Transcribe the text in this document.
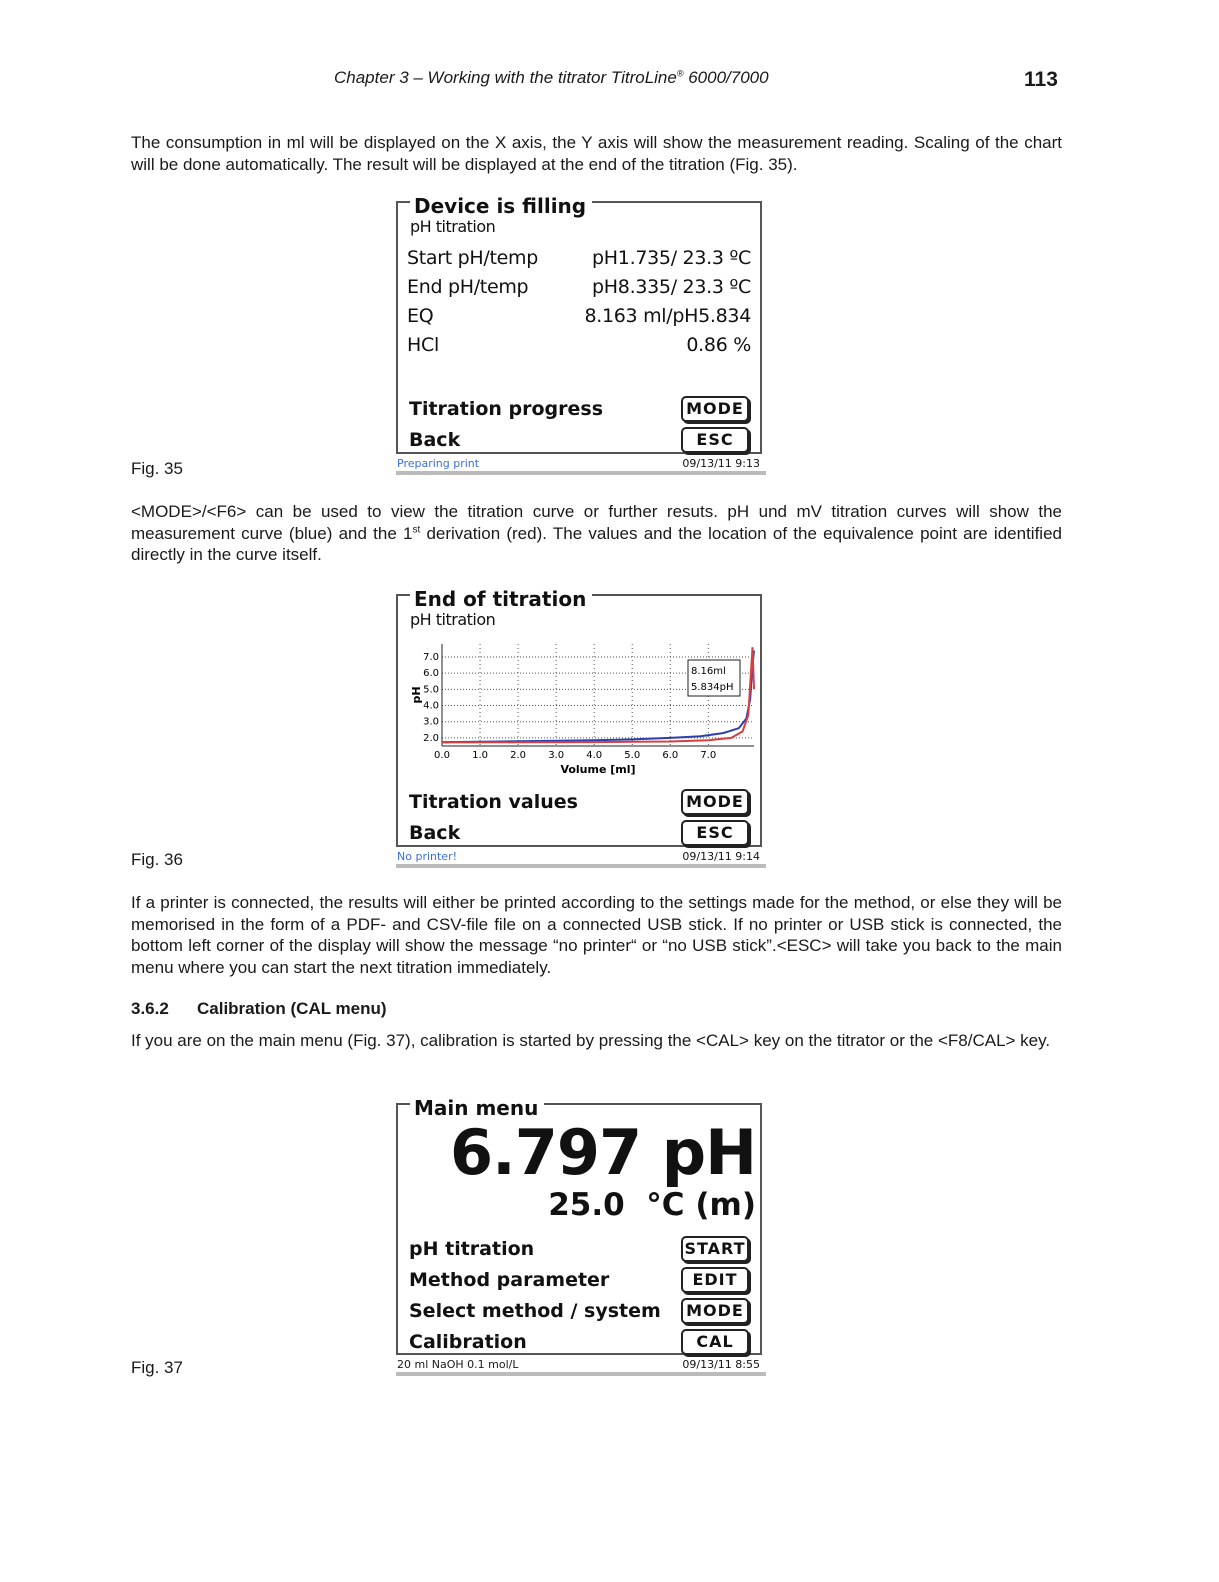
Chapter 3 – Working with the titrator TitroLine® 6000/7000	113
The consumption in ml will be displayed on the X axis, the Y axis will show the measurement reading. Scaling of the chart will be done automatically. The result will be displayed at the end of the titration (Fig. 35).
Device is filling
pH titration
Start pH/temp	pH1.735/ 23.3 ºC
End pH/temp	pH8.335/ 23.3 ºC
EQ	8.163 ml/pH5.834
HCl	0.86 %
Titration progress	MODE
Back	ESC
Preparing print	09/13/11 9:13
Fig. 35
<MODE>/<F6> can be used to view the titration curve or further resuts. pH und mV titration curves will show the measurement curve (blue) and the 1st derivation (red). The values and the location of the equivalence point are identified directly in the curve itself.
End of titration
pH titration
0.0 1.0 2.0 3.0 4.0 5.0 6.0 7.0
7.0
6.0
5.0
4.0
3.0
2.0
Volume [ml]
pH
8.16ml
5.834pH
Titration values	MODE
Back	ESC
No printer!	09/13/11 9:14
Fig. 36
If a printer is connected, the results will either be printed according to the settings made for the method, or else they will be memorised in the form of a PDF- and CSV-file file on a connected USB stick. If no printer or USB stick is connected, the bottom left corner of the display will show the message “no printer“ or “no USB stick”.<ESC> will take you back to the main menu where you can start the next titration immediately.
3.6.2 Calibration (CAL menu)
If you are on the main menu (Fig. 37), calibration is started by pressing the <CAL> key on the titrator or the <F8/CAL> key.
Main menu
6.797 pH
25.0  °C (m)
pH titration	START
Method parameter	EDIT
Select method / system	MODE
Calibration	CAL
20 ml NaOH 0.1 mol/L	09/13/11 8:55
Fig. 37
